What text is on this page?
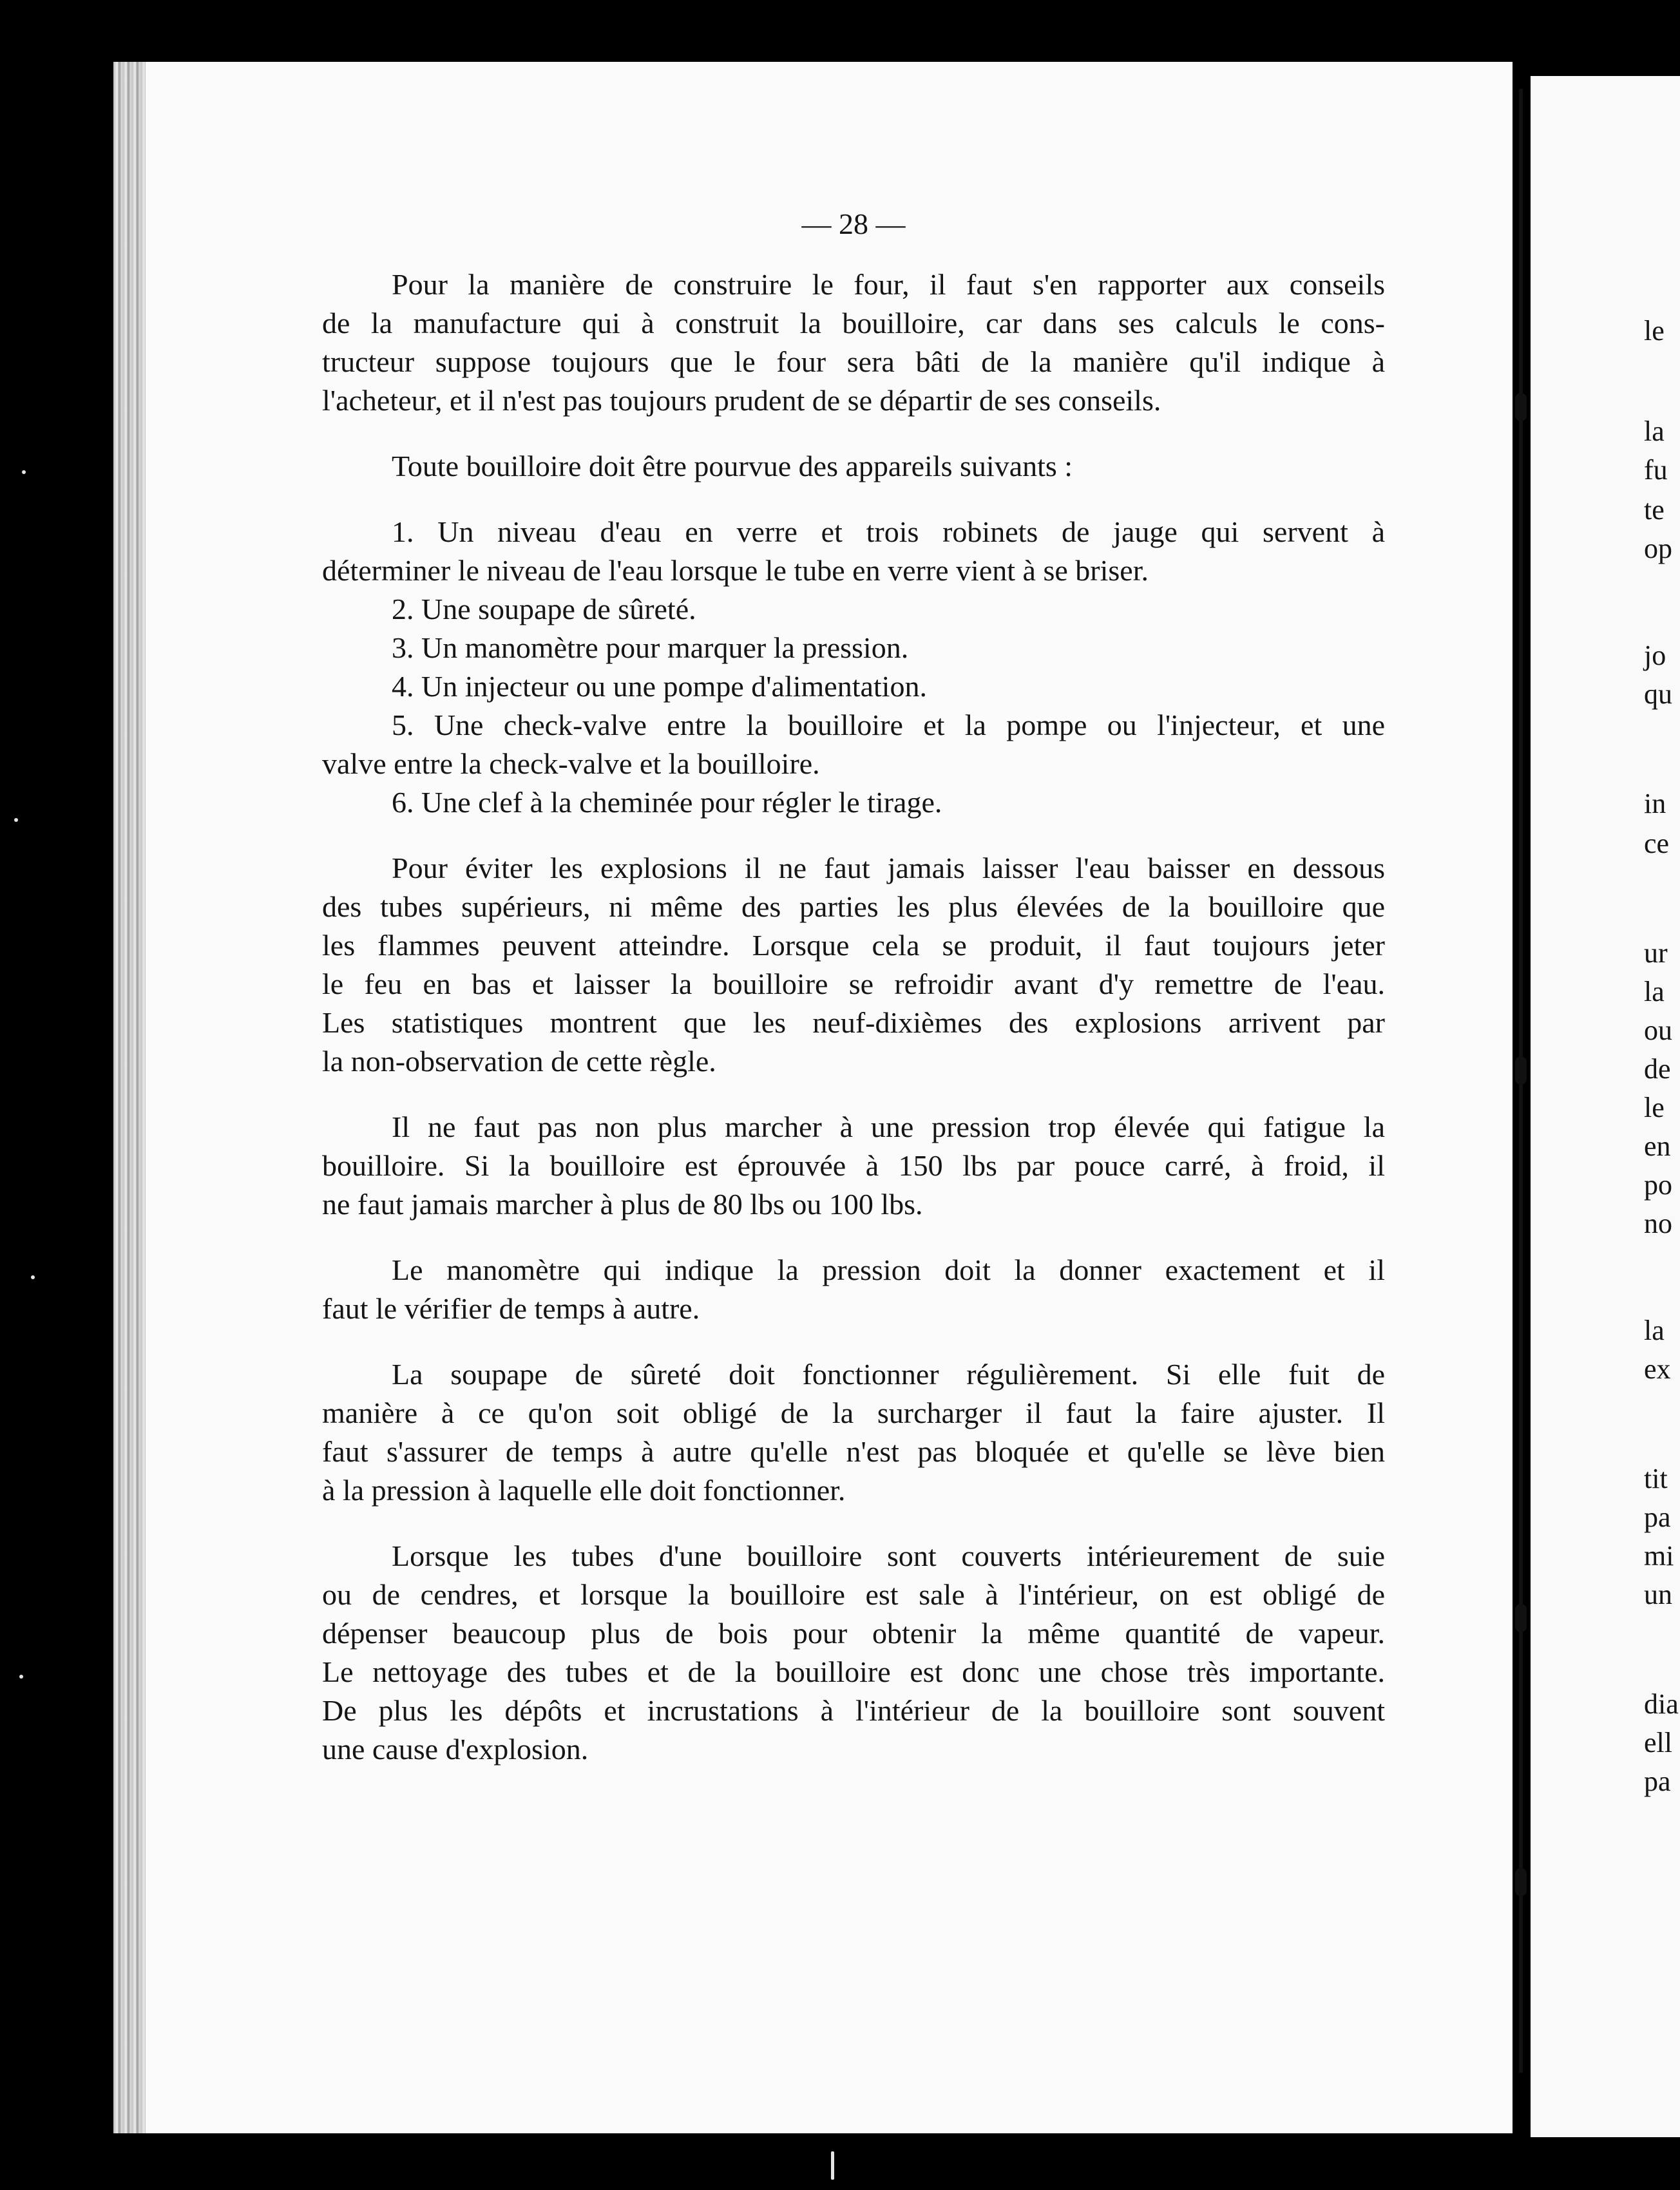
— 28 —
Pour la manière de construire le four, il faut s'en rapporter aux conseils
de la manufacture qui à construit la bouilloire, car dans ses calculs le cons-
tructeur suppose toujours que le four sera bâti de la manière qu'il indique à
l'acheteur, et il n'est pas toujours prudent de se départir de ses conseils.
Toute bouilloire doit être pourvue des appareils suivants :
1. Un niveau d'eau en verre et trois robinets de jauge qui servent à
déterminer le niveau de l'eau lorsque le tube en verre vient à se briser.
2. Une soupape de sûreté.
3. Un manomètre pour marquer la pression.
4. Un injecteur ou une pompe d'alimentation.
5. Une check-valve entre la bouilloire et la pompe ou l'injecteur, et une
valve entre la check-valve et la bouilloire.
6. Une clef à la cheminée pour régler le tirage.
Pour éviter les explosions il ne faut jamais laisser l'eau baisser en dessous
des tubes supérieurs, ni même des parties les plus élevées de la bouilloire que
les flammes peuvent atteindre. Lorsque cela se produit, il faut toujours jeter
le feu en bas et laisser la bouilloire se refroidir avant d'y remettre de l'eau.
Les statistiques montrent que les neuf-dixièmes des explosions arrivent par
la non-observation de cette règle.
Il ne faut pas non plus marcher à une pression trop élevée qui fatigue la
bouilloire. Si la bouilloire est éprouvée à 150 lbs par pouce carré, à froid, il
ne faut jamais marcher à plus de 80 lbs ou 100 lbs.
Le manomètre qui indique la pression doit la donner exactement et il
faut le vérifier de temps à autre.
La soupape de sûreté doit fonctionner régulièrement. Si elle fuit de
manière à ce qu'on soit obligé de la surcharger il faut la faire ajuster. Il
faut s'assurer de temps à autre qu'elle n'est pas bloquée et qu'elle se lève bien
à la pression à laquelle elle doit fonctionner.
Lorsque les tubes d'une bouilloire sont couverts intérieurement de suie
ou de cendres, et lorsque la bouilloire est sale à l'intérieur, on est obligé de
dépenser beaucoup plus de bois pour obtenir la même quantité de vapeur.
Le nettoyage des tubes et de la bouilloire est donc une chose très importante.
De plus les dépôts et incrustations à l'intérieur de la bouilloire sont souvent
une cause d'explosion.
le
la
fu
te
op
jo
qu
in
ce
ur
la
ou
de
le
en
po
no
la
ex
tit
pa
mi
un
dia
ell
pa
